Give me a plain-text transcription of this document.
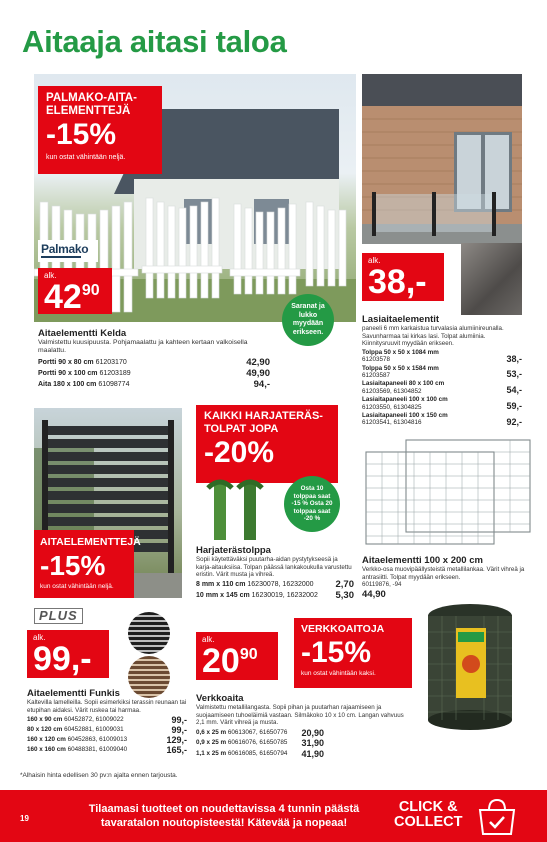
Aitaaja aitasi taloa
PALMAKO-AITA-
ELEMENTTEJÄ
-15%
kun ostat vähintään neljä.
Palmako
alk.
$42^{90}$
Saranat ja lukko myydään erikseen.
Aitaelementti Kelda
Valmistettu kuusipuusta. Pohjamaalattu ja kahteen kertaan valkoisella maalattu.
Portti 90 x 80 cm 61203170	42,90
Portti 90 x 100 cm 61203189	49,90
Aita 180 x 100 cm 61098774	94,-
alk.
38,-
Lasiaitaelementit
paneeli 6 mm karkaistua turvalasia alumiinireunalla. Savunharmaa tai kirkas lasi. Tolpat alumiinia. Kiinnitysruuvit myydään erikseen.
Tolppa 50 x 50 x 1084 mm
61203578	38,-
Tolppa 50 x 50 x 1584 mm
61203587	53,-
Lasiaitapaneeli 80 x 100 cm
61203569, 61304852	54,-
Lasiaitapaneeli 100 x 100 cm
61203550, 61304825	59,-
Lasiaitapaneeli 100 x 150 cm
61203541, 61304816	92,-
KAIKKI HARJATERÄS-
TOLPAT JOPA
-20%
Osta 10 tolppaa saat -15 % Osta 20 tolppaa saat -20 %
Harjaterästolppa
Sopii käytettäväksi puutarha-aidan pystytykseesä ja karja-aitauksiisa. Tolpan päässä lankakoukulla varustettu eristin. Värit musta ja vihreä.
8 mm x 110 cm 16230078, 16232000 2,70
10 mm x 145 cm 16230019, 16232002 5,30
Aitaelementti 100 x 200 cm
Verkko-osa muovipäällysteistä metallilankaa. Värit vihreä ja antrasiitti. Tolpat myydään erikseen.
60119876, -94
44,90
AITAELEMENTTEJÄ
-15%
kun ostat vähintään neljä.
PLUS
alk.
99,-
Aitaelementti Funkis
Kaltevilla lamelleilla. Sopii esimerkiksi terassin reunaan tai etupihan aidaksi. Värit ruskea tai harmaa.
160 x 90 cm 60452872, 61009022	99,-
80 x 120 cm 60452881, 61009031	99,-
160 x 120 cm 60452863, 61009013	129,-
160 x 160 cm 60488381, 61009040	165,-
alk.
$20^{90}$
VERKKOAITOJA
-15%
kun ostat vähintään kaksi.
Verkkoaita
Valmistettu metallilangasta. Sopii pihan ja puutarhan rajaamiseen ja suojaamiseen tuhoeläimiä vastaan. Silmäkoko 10 x 10 cm. Langan vahvuus 2,1 mm. Värit vihreä ja musta.
0,6 x 25 m 60613067, 61650776 20,90
0,9 x 25 m 60616076, 61650785 31,90
1,1 x 25 m 60616085, 61650794 41,90
*Alhaisin hinta edellisen 30 pv:n ajalta ennen tarjousta.
19
Tilaamasi tuotteet on noudettavissa 4 tunnin päästä tavaratalon noutopisteestä! Kätevää ja nopeaa!
CLICK &
COLLECT
